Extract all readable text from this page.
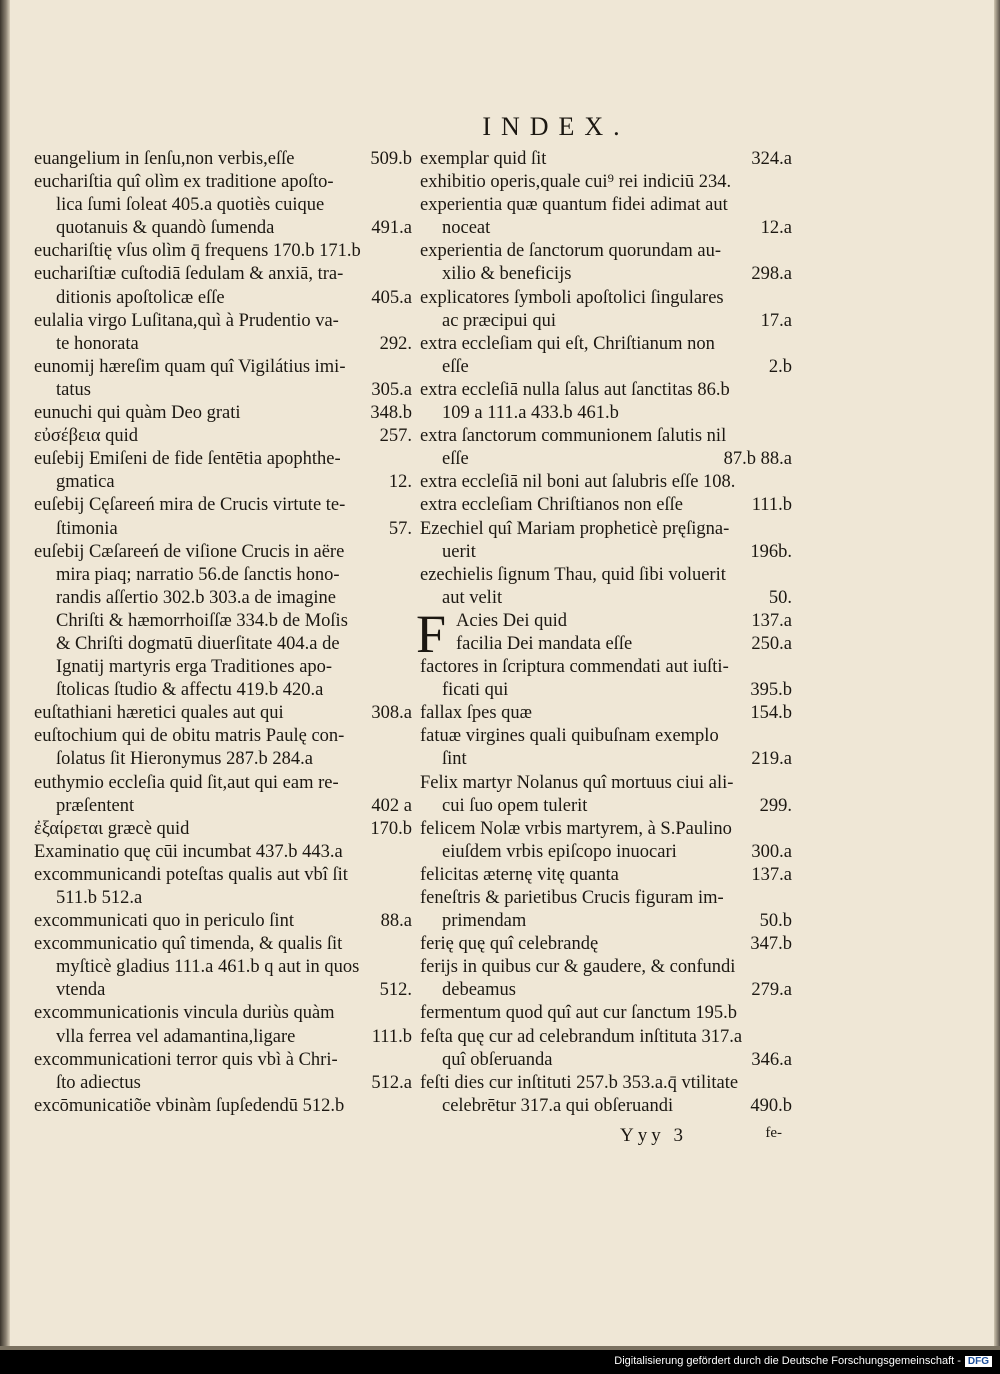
INDEX.
euangelium in ſenſu,non verbis,eſſe	509.b
euchariſtia quî olìm ex traditione apoſto-
lica ſumi ſoleat 405.a quotiès cuique
quotanuis & quandò ſumenda	491.a
euchariſtię vſus olìm q̄ frequens 170.b 171.b
euchariſtiæ cuſtodiā ſedulam & anxiā, tra-
ditionis apoſtolicæ eſſe	405.a
eulalia virgo Luſitana,quì à Prudentio va-
te honorata	292.
eunomij hæreſim quam quî Vigilátius imi-
tatus	305.a
eunuchi qui quàm Deo grati	348.b
εὐσέβεια quid	257.
euſebij Emiſeni de fide ſentētia apophthe-
gmatica	12.
euſebij Cęſareeń mira de Crucis virtute te-
ſtimonia	57.
euſebij Cæſareeń de viſione Crucis in aëre
mira piaq; narratio 56.de ſanctis hono-
randis aſſertio 302.b 303.a de imagine
Chriſti & hæmorrhoiſſæ 334.b de Moſis
& Chriſti dogmatū diuerſitate 404.a de
Ignatij martyris erga Traditiones apo-
ſtolicas ſtudio & affectu 419.b 420.a
euſtathiani hæretici quales aut qui	308.a
euſtochium qui de obitu matris Paulę con-
ſolatus ſit Hieronymus 287.b 284.a
euthymio eccleſia quid ſit,aut qui eam re-
præſentent	402 a
ἐξαίρεται græcè quid	170.b
Examinatio quę cūi incumbat 437.b 443.a
excommunicandi poteſtas qualis aut vbî ſit
511.b 512.a
excommunicati quo in periculo ſint	88.a
excommunicatio quî timenda, & qualis ſit
myſticè gladius 111.a 461.b q aut in quos
vtenda	512.
excommunicationis vincula duriùs quàm
vlla ferrea vel adamantina,ligare	111.b
excommunicationi terror quis vbì à Chri-
ſto adiectus	512.a
excōmunicatiõe vbinàm ſupſedendū 512.b
exemplar quid ſit	324.a
exhibitio operis,quale cui⁹ rei indiciū 234.
experientia quæ quantum fidei adimat aut
noceat	12.a
experientia de ſanctorum quorundam au-
xilio & beneficijs	298.a
explicatores ſymboli apoſtolici ſingulares
ac præcipui qui	17.a
extra eccleſiam qui eſt, Chriſtianum non
eſſe	2.b
extra eccleſiā nulla ſalus aut ſanctitas 86.b
109 a 111.a 433.b 461.b
extra ſanctorum communionem ſalutis nil
eſſe	87.b 88.a
extra eccleſiā nil boni aut ſalubris eſſe 108.
extra eccleſiam Chriſtianos non eſſe	111.b
Ezechiel quî Mariam propheticè pręſigna-
uerit	196b.
ezechielis ſignum Thau, quid ſibi voluerit
aut velit	50.
F Acies Dei quid	137.a
facilia Dei mandata eſſe	250.a
factores in ſcriptura commendati aut iuſti-
ficati qui	395.b
fallax ſpes quæ	154.b
fatuæ virgines quali quibuſnam exemplo
ſint	219.a
Felix martyr Nolanus quî mortuus ciui ali-
cui ſuo opem tulerit	299.
felicem Nolæ vrbis martyrem, à S.Paulino
eiuſdem vrbis epiſcopo inuocari	300.a
felicitas æternę vitę quanta	137.a
feneſtris & parietibus Crucis figuram im-
primendam	50.b
ferię quę quî celebrandę	347.b
ferijs in quibus cur & gaudere, & confundi
debeamus	279.a
fermentum quod quî aut cur ſanctum 195.b
feſta quę cur ad celebrandum inſtituta 317.a
quî obſeruanda	346.a
feſti dies cur inſtituti 257.b 353.a.q̄ vtilitate
celebrētur 317.a qui obſeruandi	490.b
Yyy 3	fe-
Digitalisierung gefördert durch die Deutsche Forschungsgemeinschaft - DFG
